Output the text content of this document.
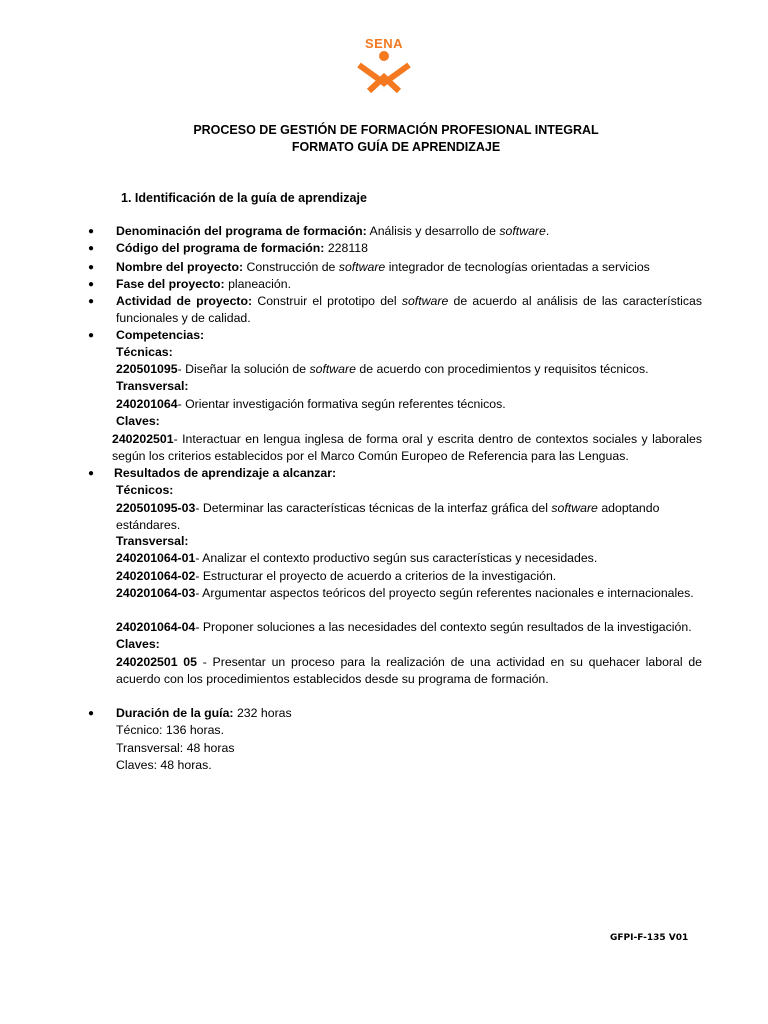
SENA
PROCESO DE GESTIÓN DE FORMACIÓN PROFESIONAL INTEGRAL
FORMATO GUÍA DE APRENDIZAJE
1. Identificación de la guía de aprendizaje
● Denominación del programa de formación: Análisis y desarrollo de software.
● Código del programa de formación: 228118
● Nombre del proyecto: Construcción de software integrador de tecnologías orientadas a servicios
● Fase del proyecto: planeación.
● Actividad de proyecto: Construir el prototipo del software de acuerdo al análisis de las características funcionales y de calidad.
● Competencias:
Técnicas:
220501095- Diseñar la solución de software de acuerdo con procedimientos y requisitos técnicos.
Transversal:
240201064- Orientar investigación formativa según referentes técnicos.
Claves:
240202501- Interactuar en lengua inglesa de forma oral y escrita dentro de contextos sociales y laborales según los criterios establecidos por el Marco Común Europeo de Referencia para las Lenguas.
● Resultados de aprendizaje a alcanzar:
Técnicos:
220501095-03- Determinar las características técnicas de la interfaz gráfica del software adoptando estándares.
Transversal:
240201064-01- Analizar el contexto productivo según sus características y necesidades.
240201064-02- Estructurar el proyecto de acuerdo a criterios de la investigación.
240201064-03- Argumentar aspectos teóricos del proyecto según referentes nacionales e internacionales.
240201064-04- Proponer soluciones a las necesidades del contexto según resultados de la investigación.
Claves:
240202501 05 - Presentar un proceso para la realización de una actividad en su quehacer laboral de acuerdo con los procedimientos establecidos desde su programa de formación.
● Duración de la guía: 232 horas
Técnico: 136 horas.
Transversal: 48 horas
Claves: 48 horas.
GFPI-F-135 V01
